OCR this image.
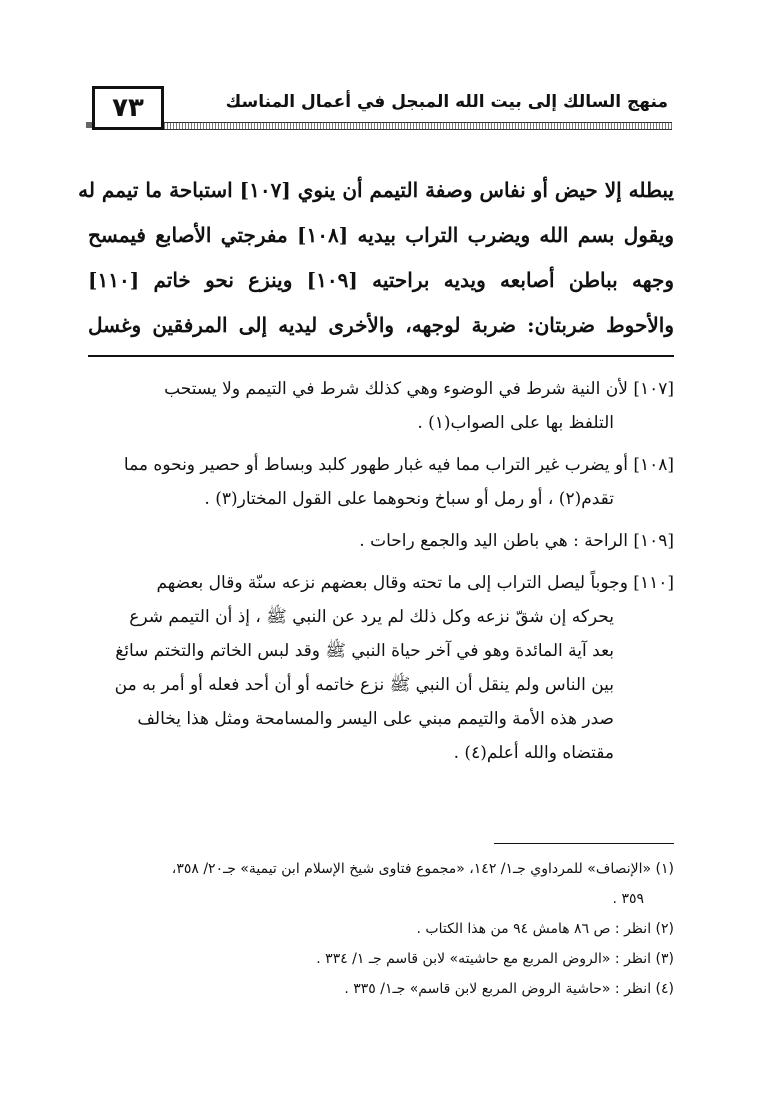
٧٣	منهج السالك إلى بيت الله المبجل في أعمال المناسك
يبطله إلا حيض أو نفاس وصفة التيمم أن ينوي [١٠٧] استباحة ما تيمم له
ويقول بسم الله ويضرب التراب بيديه [١٠٨] مفرجتي الأصابع فيمسح
وجهه بباطن أصابعه ويديه براحتيه [١٠٩] وينزع نحو خاتم [١١٠]
والأحوط ضربتان: ضربة لوجهه، والأخرى ليديه إلى المرفقين وغسل
[١٠٧] لأن النية شرط في الوضوء وهي كذلك شرط في التيمم ولا يستحب
التلفظ بها على الصواب(١) .
[١٠٨] أو يضرب غير التراب مما فيه غبار طهور كلبد وبساط أو حصير ونحوه مما
تقدم(٢) ، أو رمل أو سباخ ونحوهما على القول المختار(٣) .
[١٠٩] الراحة : هي باطن اليد والجمع راحات .
[١١٠] وجوباً ليصل التراب إلى ما تحته وقال بعضهم نزعه سنّة وقال بعضهم
يحركه إن شقّ نزعه وكل ذلك لم يرد عن النبي ﷺ ، إذ أن التيمم شرع
بعد آية المائدة وهو في آخر حياة النبي ﷺ وقد لبس الخاتم والتختم سائغ
بين الناس ولم ينقل أن النبي ﷺ نزع خاتمه أو أن أحد فعله أو أمر به من
صدر هذه الأمة والتيمم مبني على اليسر والمسامحة ومثل هذا يخالف
مقتضاه والله أعلم(٤) .
(١) «الإنصاف» للمرداوي جـ١/ ١٤٢، «مجموع فتاوى شيخ الإسلام ابن تيمية» جـ٢٠/ ٣٥٨،
٣٥٩ .
(٢) انظر : ص ٨٦ هامش ٩٤ من هذا الكتاب .
(٣) انظر : «الروض المربع مع حاشيته» لابن قاسم جـ ١/ ٣٣٤ .
(٤) انظر : «حاشية الروض المربع لابن قاسم» جـ١/ ٣٣٥ .
